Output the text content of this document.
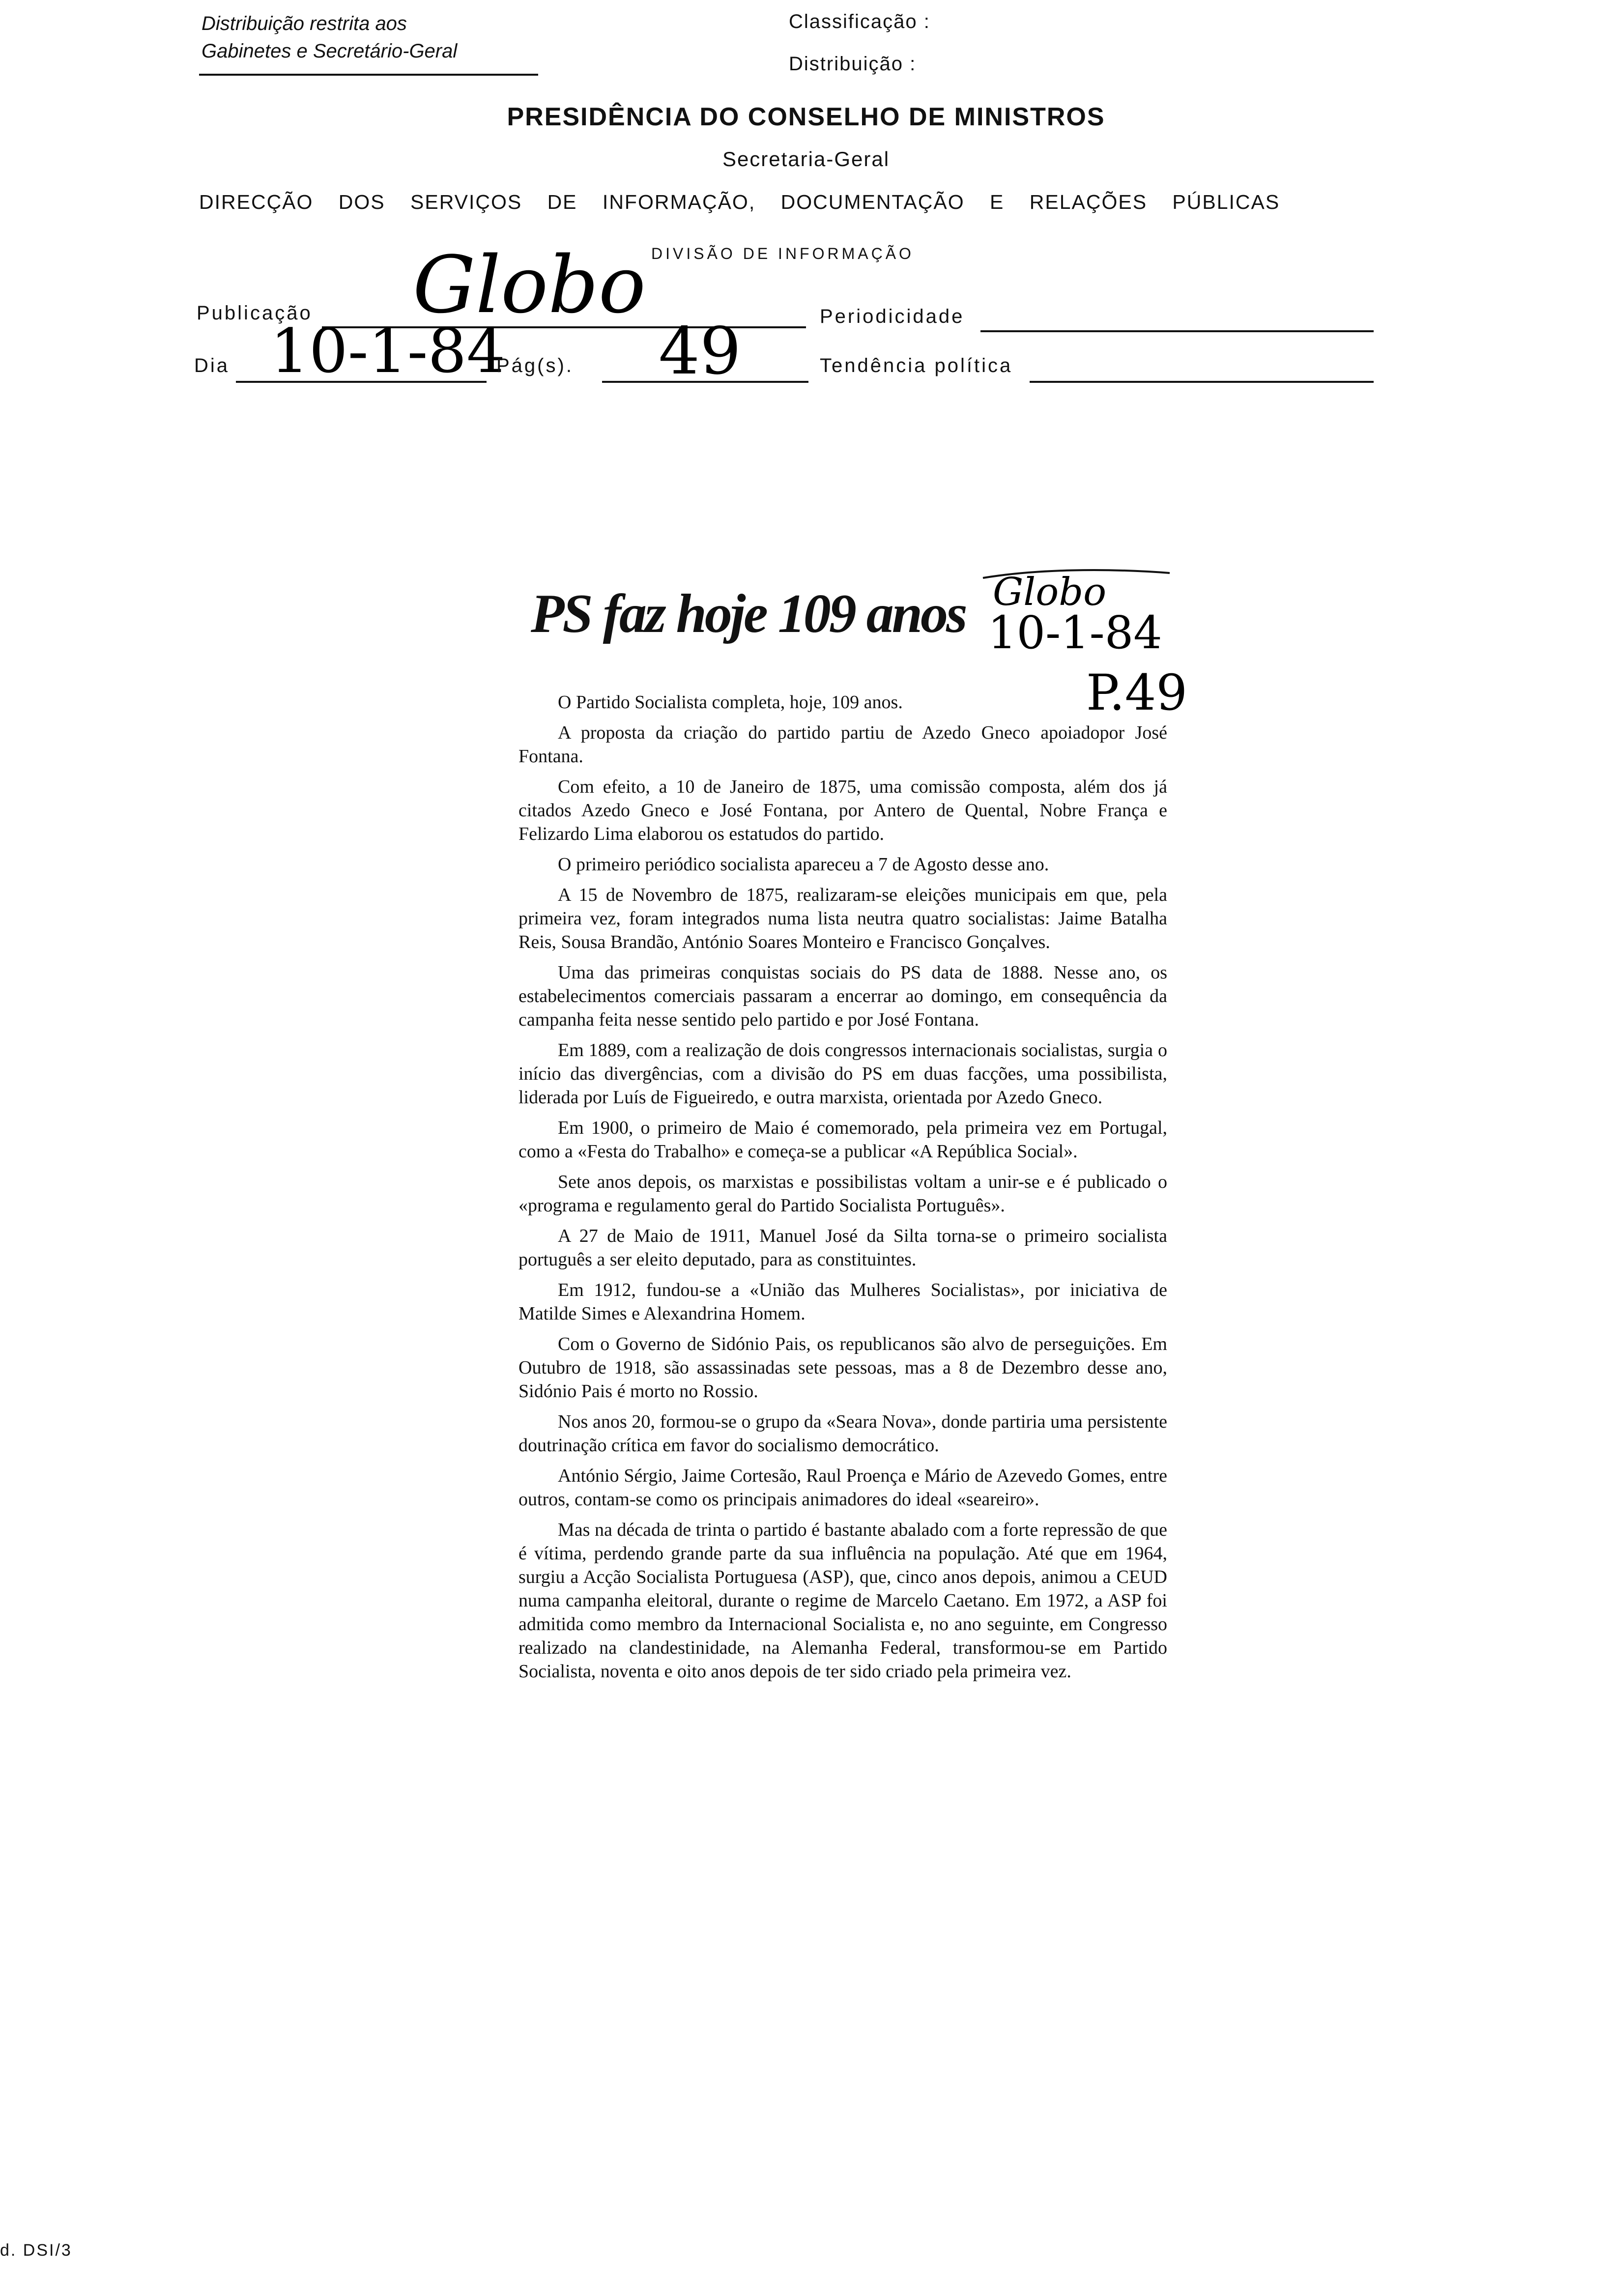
Distribuição restrita aos
Gabinetes e Secretário-Geral
Classificação :
Distribuição :
PRESIDÊNCIA DO CONSELHO DE MINISTROS
Secretaria-Geral
DIRECÇÃO DOS SERVIÇOS DE INFORMAÇÃO, DOCUMENTAÇÃO E RELAÇÕES PÚBLICAS
DIVISÃO DE INFORMAÇÃO
Publicação Globo	Periodicidade
Dia 10-1-84
Pág(s). 49	Tendência política
PS faz hoje 109 anos Globo
10-1-84
P.49

O Partido Socialista completa, hoje, 109 anos.

A proposta da criação do partido partiu de Azedo Gneco apoiadopor José Fontana.

Com efeito, a 10 de Janeiro de 1875, uma comissão composta, além dos já citados Azedo Gneco e José Fontana, por Antero de Quental, Nobre França e Felizardo Lima elaborou os estatudos do partido.

O primeiro periódico socialista apareceu a 7 de Agosto desse ano.

A 15 de Novembro de 1875, realizaram-se eleições municipais em que, pela primeira vez, foram integrados numa lista neutra quatro socialistas: Jaime Batalha Reis, Sousa Brandão, António Soares Monteiro e Francisco Gonçalves.

Uma das primeiras conquistas sociais do PS data de 1888. Nesse ano, os estabelecimentos comerciais passaram a encerrar ao domingo, em consequência da campanha feita nesse sentido pelo partido e por José Fontana.

Em 1889, com a realização de dois congressos internacionais socialistas, surgia o início das divergências, com a divisão do PS em duas facções, uma possibilista, liderada por Luís de Figueiredo, e outra marxista, orientada por Azedo Gneco.

Em 1900, o primeiro de Maio é comemorado, pela primeira vez em Portugal, como a «Festa do Trabalho» e começa-se a publicar «A República Social».

Sete anos depois, os marxistas e possibilistas voltam a unir-se e é publicado o «programa e regulamento geral do Partido Socialista Português».

A 27 de Maio de 1911, Manuel José da Silta torna-se o primeiro socialista português a ser eleito deputado, para as constituintes.

Em 1912, fundou-se a «União das Mulheres Socialistas», por iniciativa de Matilde Simes e Alexandrina Homem.

Com o Governo de Sidónio Pais, os republicanos são alvo de perseguições. Em Outubro de 1918, são assassinadas sete pessoas, mas a 8 de Dezembro desse ano, Sidónio Pais é morto no Rossio.

Nos anos 20, formou-se o grupo da «Seara Nova», donde partiria uma persistente doutrinação crítica em favor do socialismo democrático.

António Sérgio, Jaime Cortesão, Raul Proença e Mário de Azevedo Gomes, entre outros, contam-se como os principais animadores do ideal «seareiro».

Mas na década de trinta o partido é bastante abalado com a forte repressão de que é vítima, perdendo grande parte da sua influência na população. Até que em 1964, surgiu a Acção Socialista Portuguesa (ASP), que, cinco anos depois, animou a CEUD numa campanha eleitoral, durante o regime de Marcelo Caetano. Em 1972, a ASP foi admitida como membro da Internacional Socialista e, no ano seguinte, em Congresso realizado na clandestinidade, na Alemanha Federal, transformou-se em Partido Socialista, noventa e oito anos depois de ter sido criado pela primeira vez.

d. DSI/3
